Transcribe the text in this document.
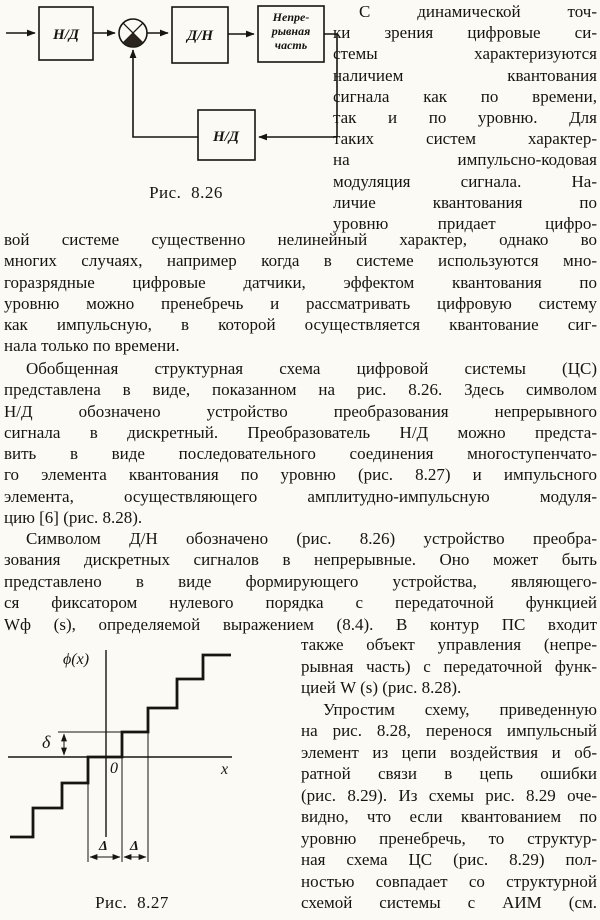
Н/Д	Д/Н
Непре-
рывная
часть
Н/Д
Рис. 8.26
ϕ(x)
x
0
δ
Δ Δ
Рис. 8.27
С динамической точ-
ки зрения цифровые си-
стемы характеризуются
наличием квантования
сигнала как по времени,
так и по уровню. Для
таких систем характер-
на импульсно-кодовая
модуляция сигнала. На-
личие квантования по
уровню придает цифро-
вой системе существенно нелинейный характер, однако во
многих случаях, например когда в системе используются мно-
горазрядные цифровые датчики, эффектом квантования по
уровню можно пренебречь и рассматривать цифровую систему
как импульсную, в которой осуществляется квантование сиг-
нала только по времени.
Обобщенная структурная схема цифровой системы (ЦС)
представлена в виде, показанном на рис. 8.26. Здесь символом
Н/Д обозначено устройство преобразования непрерывного
сигнала в дискретный. Преобразователь Н/Д можно предста-
вить в виде последовательного соединения многоступенчато-
го элемента квантования по уровню (рис. 8.27) и импульсного
элемента, осуществляющего амплитудно-импульсную модуля-
цию [6] (рис. 8.28).
Символом Д/Н обозначено (рис. 8.26) устройство преобра-
зования дискретных сигналов в непрерывные. Оно может быть
представлено в виде формирующего устройства, являющего-
ся фиксатором нулевого порядка с передаточной функцией
Wф (s), определяемой выражением (8.4). В контур ПС входит
также объект управления (непре-
рывная часть) с передаточной функ-
цией W (s) (рис. 8.28).
Упростим схему, приведенную
на рис. 8.28, перенося импульсный
элемент из цепи воздействия и об-
ратной связи в цепь ошибки
(рис. 8.29). Из схемы рис. 8.29 оче-
видно, что если квантованием по
уровню пренебречь, то структур-
ная схема ЦС (рис. 8.29) пол-
ностью совпадает со структурной
схемой системы с АИМ (см.
